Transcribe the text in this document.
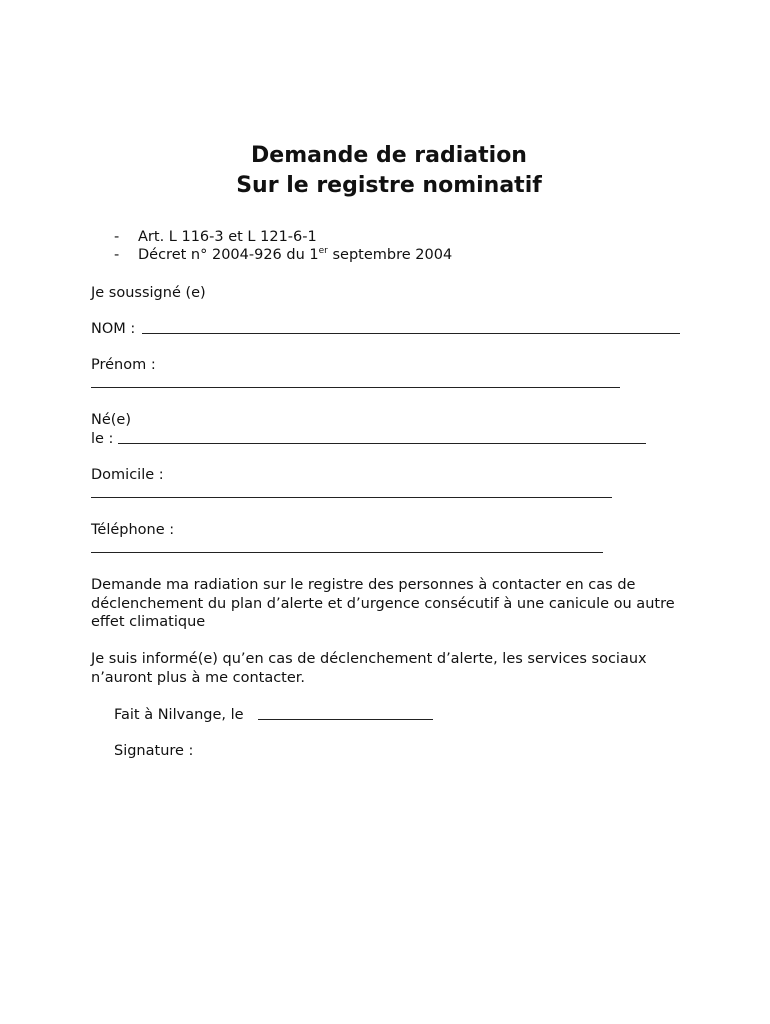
Demande de radiation
Sur le registre nominatif
- Art. L 116-3 et L 121-6-1
- Décret n° 2004-926 du 1er septembre 2004
Je soussigné (e)
NOM :
Prénom :
Né(e)
le :
Domicile :
Téléphone :
Demande ma radiation sur le registre des personnes à contacter en cas de déclenchement du plan d’alerte et d’urgence consécutif à une canicule ou autre effet climatique
Je suis informé(e) qu’en cas de déclenchement d’alerte, les services sociaux n’auront plus à me contacter.
Fait à Nilvange, le
Signature :
